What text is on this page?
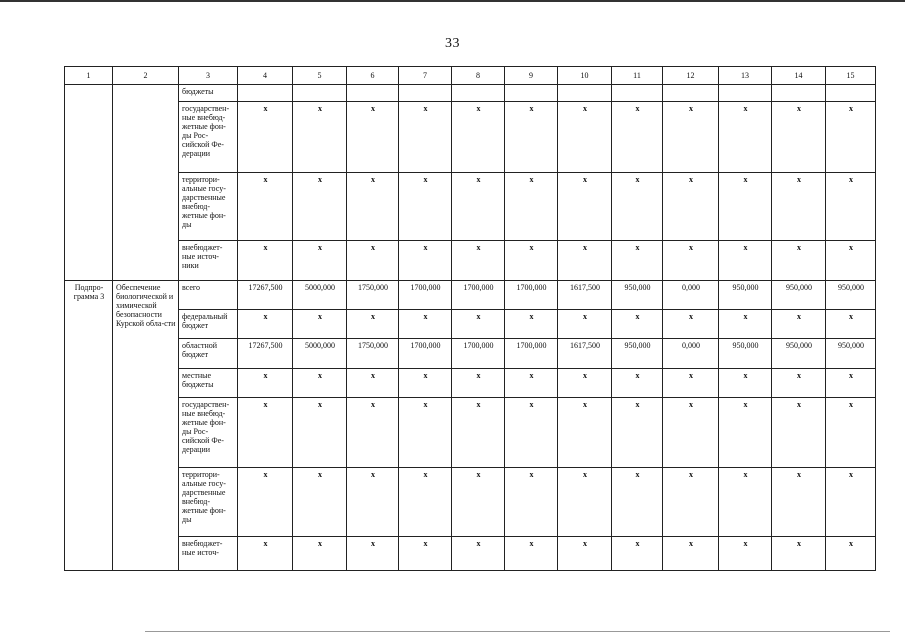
33
1	2	3	4	5	6	7	8	9	10	11	12	13	14	15
		бюджеты												
		государствен-ные внебюд-жетные фон-ды Рос-сийской Фе-дерации	x	x	x	x	x	x	x	x	x	x	x	x
		территори-альные госу-дарственные внебюд-жетные фон-ды	x	x	x	x	x	x	x	x	x	x	x	x
		внебюджет-ные источ-ники	x	x	x	x	x	x	x	x	x	x	x	x
Подпро-грамма 3	Обеспечение биологической и химической безопасности Курской обла-сти	всего	17267,500	5000,000	1750,000	1700,000	1700,000	1700,000	1617,500	950,000	0,000	950,000	950,000	950,000
		федеральный бюджет	x	x	x	x	x	x	x	x	x	x	x	x
		областной бюджет	17267,500	5000,000	1750,000	1700,000	1700,000	1700,000	1617,500	950,000	0,000	950,000	950,000	950,000
		местные бюджеты	x	x	x	x	x	x	x	x	x	x	x	x
		государствен-ные внебюд-жетные фон-ды Рос-сийской Фе-дерации	x	x	x	x	x	x	x	x	x	x	x	x
		территори-альные госу-дарственные внебюд-жетные фон-ды	x	x	x	x	x	x	x	x	x	x	x	x
		внебюджет-ные источ-	x	x	x	x	x	x	x	x	x	x	x	x
